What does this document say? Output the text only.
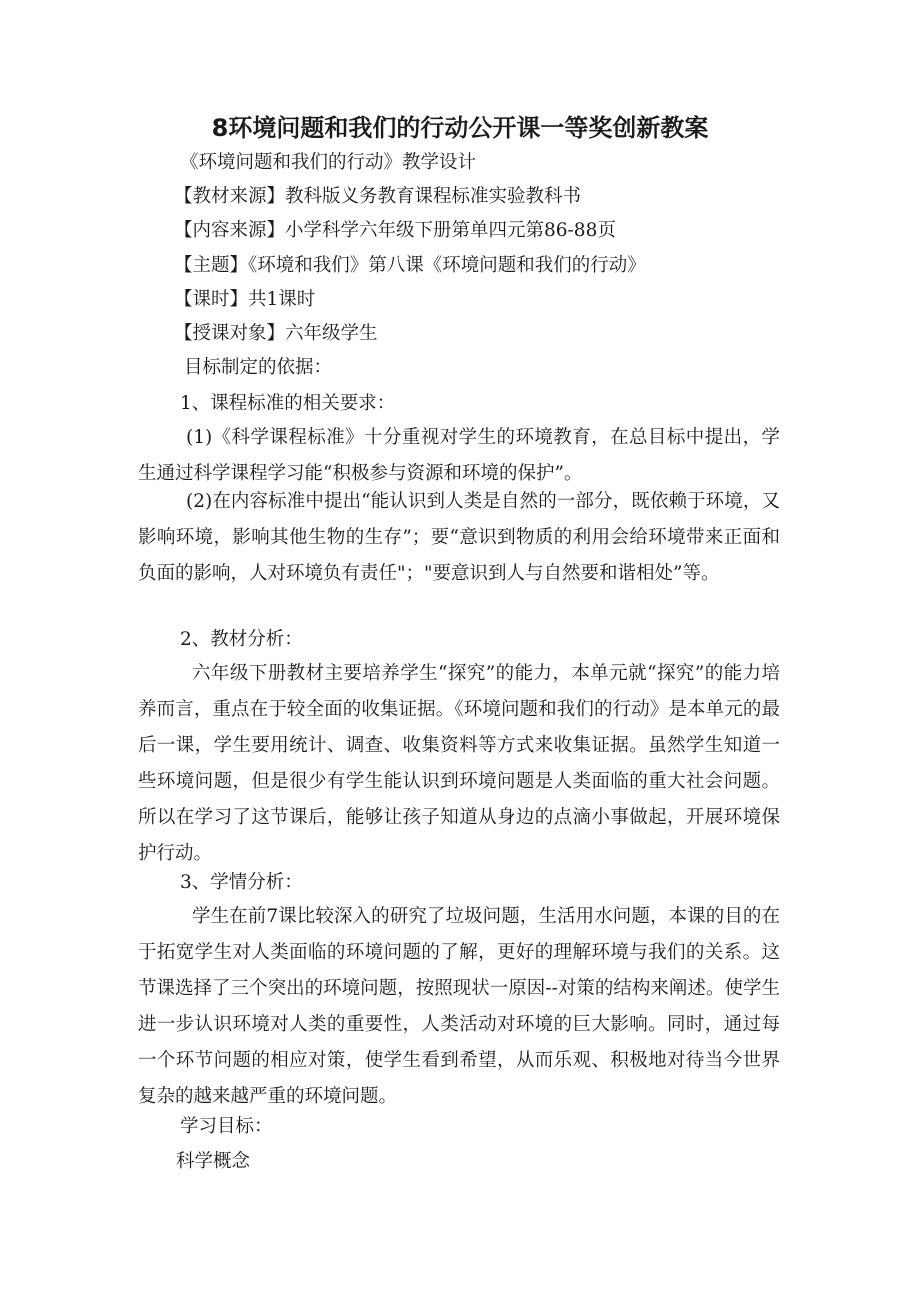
8环境问题和我们的行动公开课一等奖创新教案

《环境问题和我们的行动》教学设计

【教材来源】教科版义务教育课程标准实验教科书

【内容来源】小学科学六年级下册第单四元第86-88页

【主题】《环境和我们》第八课《环境问题和我们的行动》

【课时】共1课时

【授课对象】六年级学生

目标制定的依据：

1、课程标准的相关要求：

(1)《科学课程标准》十分重视对学生的环境教育，在总目标中提出，学生通过科学课程学习能“积极参与资源和环境的保护”。

(2)在内容标准中提出“能认识到人类是自然的一部分，既依赖于环境，又影响环境，影响其他生物的生存”；要“意识到物质的利用会给环境带来正面和负面的影响，人对环境负有责任"；"要意识到人与自然要和谐相处”等。

2、教材分析：

六年级下册教材主要培养学生“探究”的能力，本单元就“探究”的能力培养而言，重点在于较全面的收集证据。《环境问题和我们的行动》是本单元的最后一课，学生要用统计、调查、收集资料等方式来收集证据。虽然学生知道一些环境问题，但是很少有学生能认识到环境问题是人类面临的重大社会问题。所以在学习了这节课后，能够让孩子知道从身边的点滴小事做起，开展环境保护行动。

3、学情分析：

学生在前7课比较深入的研究了垃圾问题，生活用水问题，本课的目的在于拓宽学生对人类面临的环境问题的了解，更好的理解环境与我们的关系。这节课选择了三个突出的环境问题，按照现状一原因--对策的结构来阐述。使学生进一步认识环境对人类的重要性，人类活动对环境的巨大影响。同时，通过每一个环节问题的相应对策，使学生看到希望，从而乐观、积极地对待当今世界复杂的越来越严重的环境问题。

学习目标：

科学概念
